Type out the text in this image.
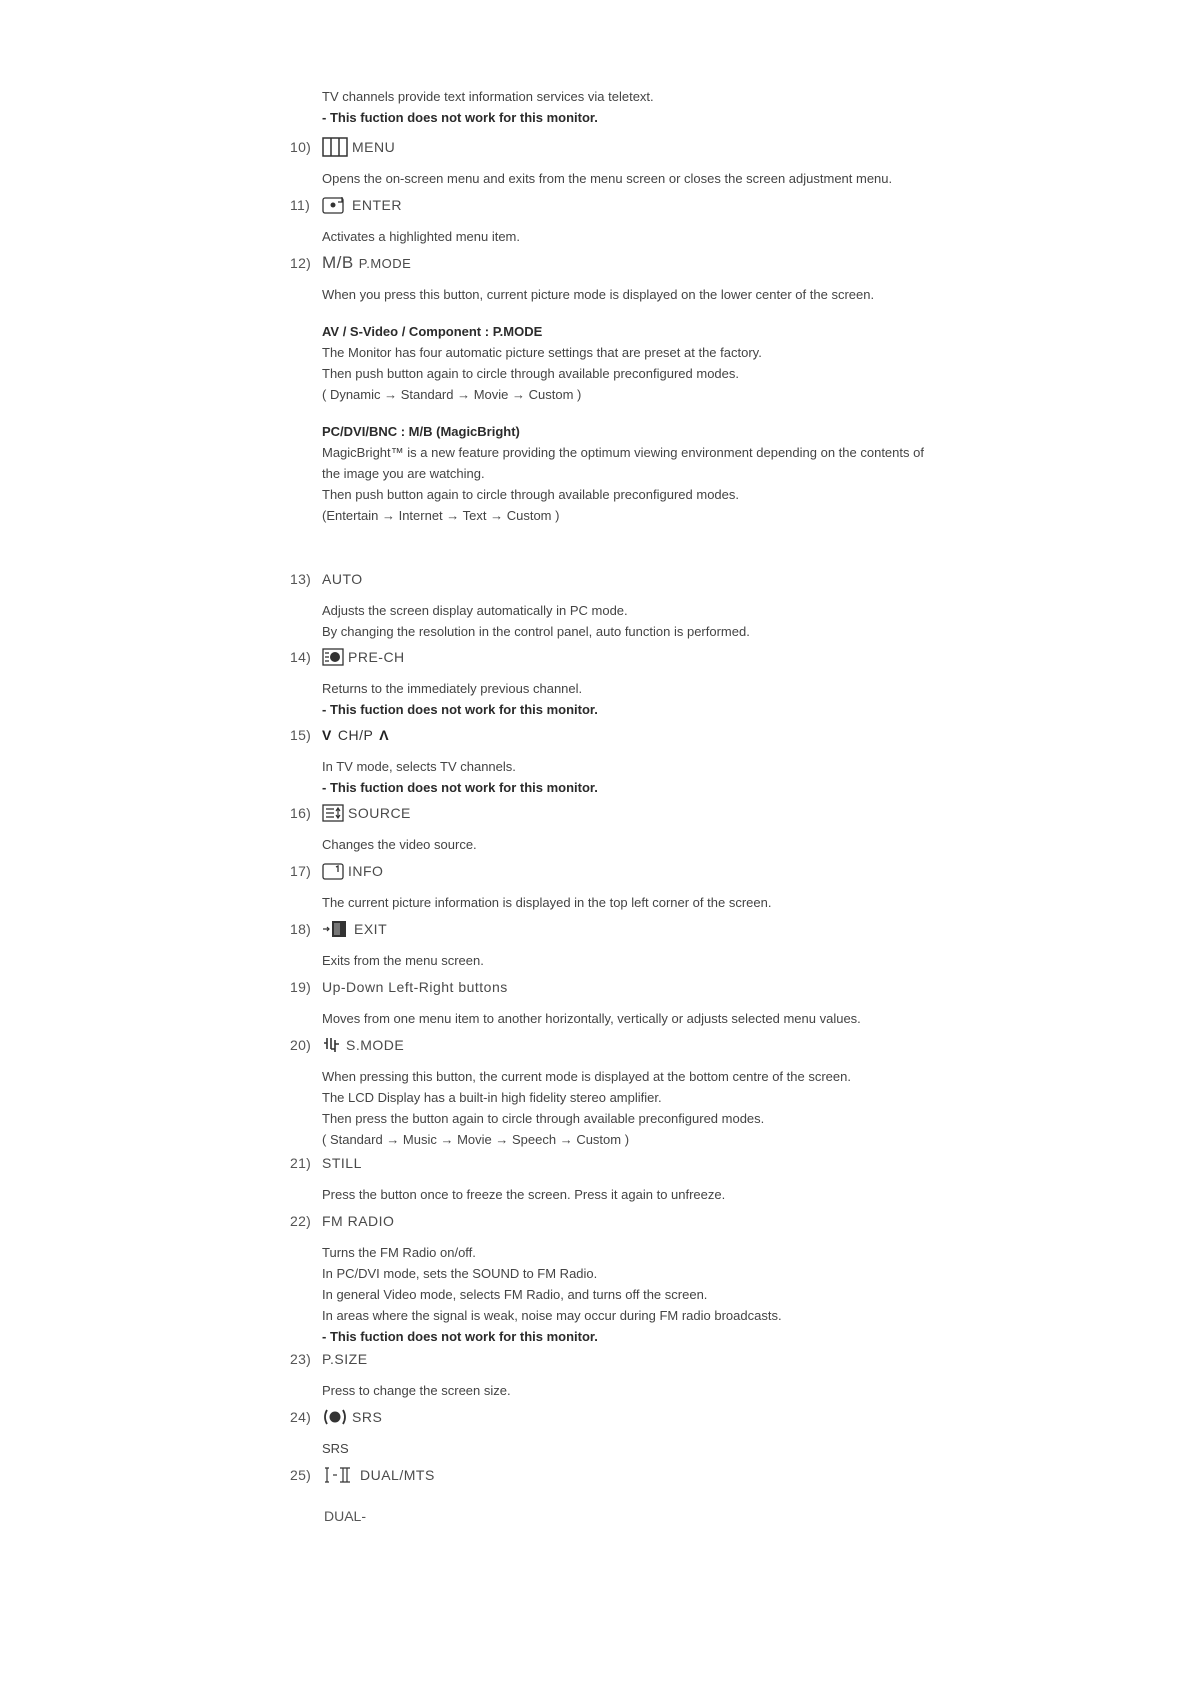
TV channels provide text information services via teletext.
- This fuction does not work for this monitor.
10)	MENU
Opens the on-screen menu and exits from the menu screen or closes the screen adjustment menu.
11)	ENTER
Activates a highlighted menu item.
12) M/B P.MODE
When you press this button, current picture mode is displayed on the lower center of the screen.
AV / S-Video / Component : P.MODE
The Monitor has four automatic picture settings that are preset at the factory.
Then push button again to circle through available preconfigured modes.
( Dynamic → Standard → Movie → Custom )
PC/DVI/BNC : M/B (MagicBright)
MagicBright™ is a new feature providing the optimum viewing environment depending on the contents of
the image you are watching.
Then push button again to circle through available preconfigured modes.
(Entertain → Internet → Text → Custom )
13) AUTO
Adjusts the screen display automatically in PC mode.
By changing the resolution in the control panel, auto function is performed.
14)	PRE-CH
Returns to the immediately previous channel.
- This fuction does not work for this monitor.
15) V CH/P Λ
In TV mode, selects TV channels.
- This fuction does not work for this monitor.
16)	SOURCE
Changes the video source.
17)	INFO
The current picture information is displayed in the top left corner of the screen.
18)	EXIT
Exits from the menu screen.
19) Up-Down Left-Right buttons
Moves from one menu item to another horizontally, vertically or adjusts selected menu values.
20)	S.MODE
When pressing this button, the current mode is displayed at the bottom centre of the screen.
The LCD Display has a built-in high fidelity stereo amplifier.
Then press the button again to circle through available preconfigured modes.
( Standard → Music → Movie → Speech → Custom )
21) STILL
Press the button once to freeze the screen. Press it again to unfreeze.
22) FM RADIO
Turns the FM Radio on/off.
In PC/DVI mode, sets the SOUND to FM Radio.
In general Video mode, selects FM Radio, and turns off the screen.
In areas where the signal is weak, noise may occur during FM radio broadcasts.
- This fuction does not work for this monitor.
23) P.SIZE
Press to change the screen size.
24)	SRS
SRS
25)	DUAL/MTS
DUAL-
